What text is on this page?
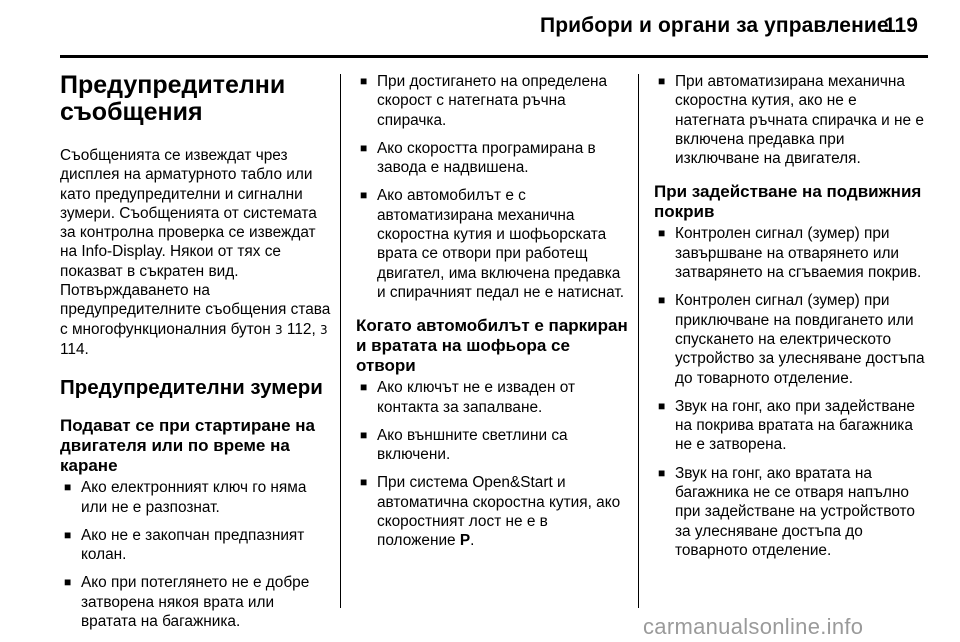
Прибори и органи за управление
119
Предупредителни съобщения

Съобщенията се извеждат чрез дисплея на арматурното табло или като предупредителни и сигнални зумери. Съобщенията от системата за контролна проверка се извеждат на Info-Display. Някои от тях се показват в съкратен вид. Потвърждаването на предупредителните съобщения става с многофункционалния бутон 3 112, 3 114.

Предупредителни зумери
Подават се при стартиране на двигателя или по време на каране
■ Ако електронният ключ го няма или не е разпознат.
■ Ако не е закопчан предпазният колан.
■ Ако при потеглянето не е добре затворена някоя врата или вратата на багажника.
■ При достигането на определена скорост с натегната ръчна спирачка.
■ Ако скоростта програмирана в завода е надвишена.
■ Ако автомобилът е с автоматизирана механична скоростна кутия и шофьорската врата се отвори при работещ двигател, има включена предавка и спирачният педал не е натиснат.
Когато автомобилът е паркиран и вратата на шофьора се отвори
■ Ако ключът не е изваден от контакта за запалване.
■ Ако външните светлини са включени.
■ При система Open&Start и автоматична скоростна кутия, ако скоростният лост не е в положение P.
■ При автоматизирана механична скоростна кутия, ако не е натегната ръчната спирачка и не е включена предавка при изключване на двигателя.
При задействане на подвижния покрив
■ Контролен сигнал (зумер) при завършване на отварянето или затварянето на сгъваемия покрив.
■ Контролен сигнал (зумер) при приключване на повдигането или спускането на електрическото устройство за улесняване достъпа до товарното отделение.
■ Звук на гонг, ако при задействане на покрива вратата на багажника не е затворена.
■ Звук на гонг, ако вратата на багажника не се отваря напълно при задействане на устройството за улесняване достъпа до товарното отделение.
carmanualsonline.info
